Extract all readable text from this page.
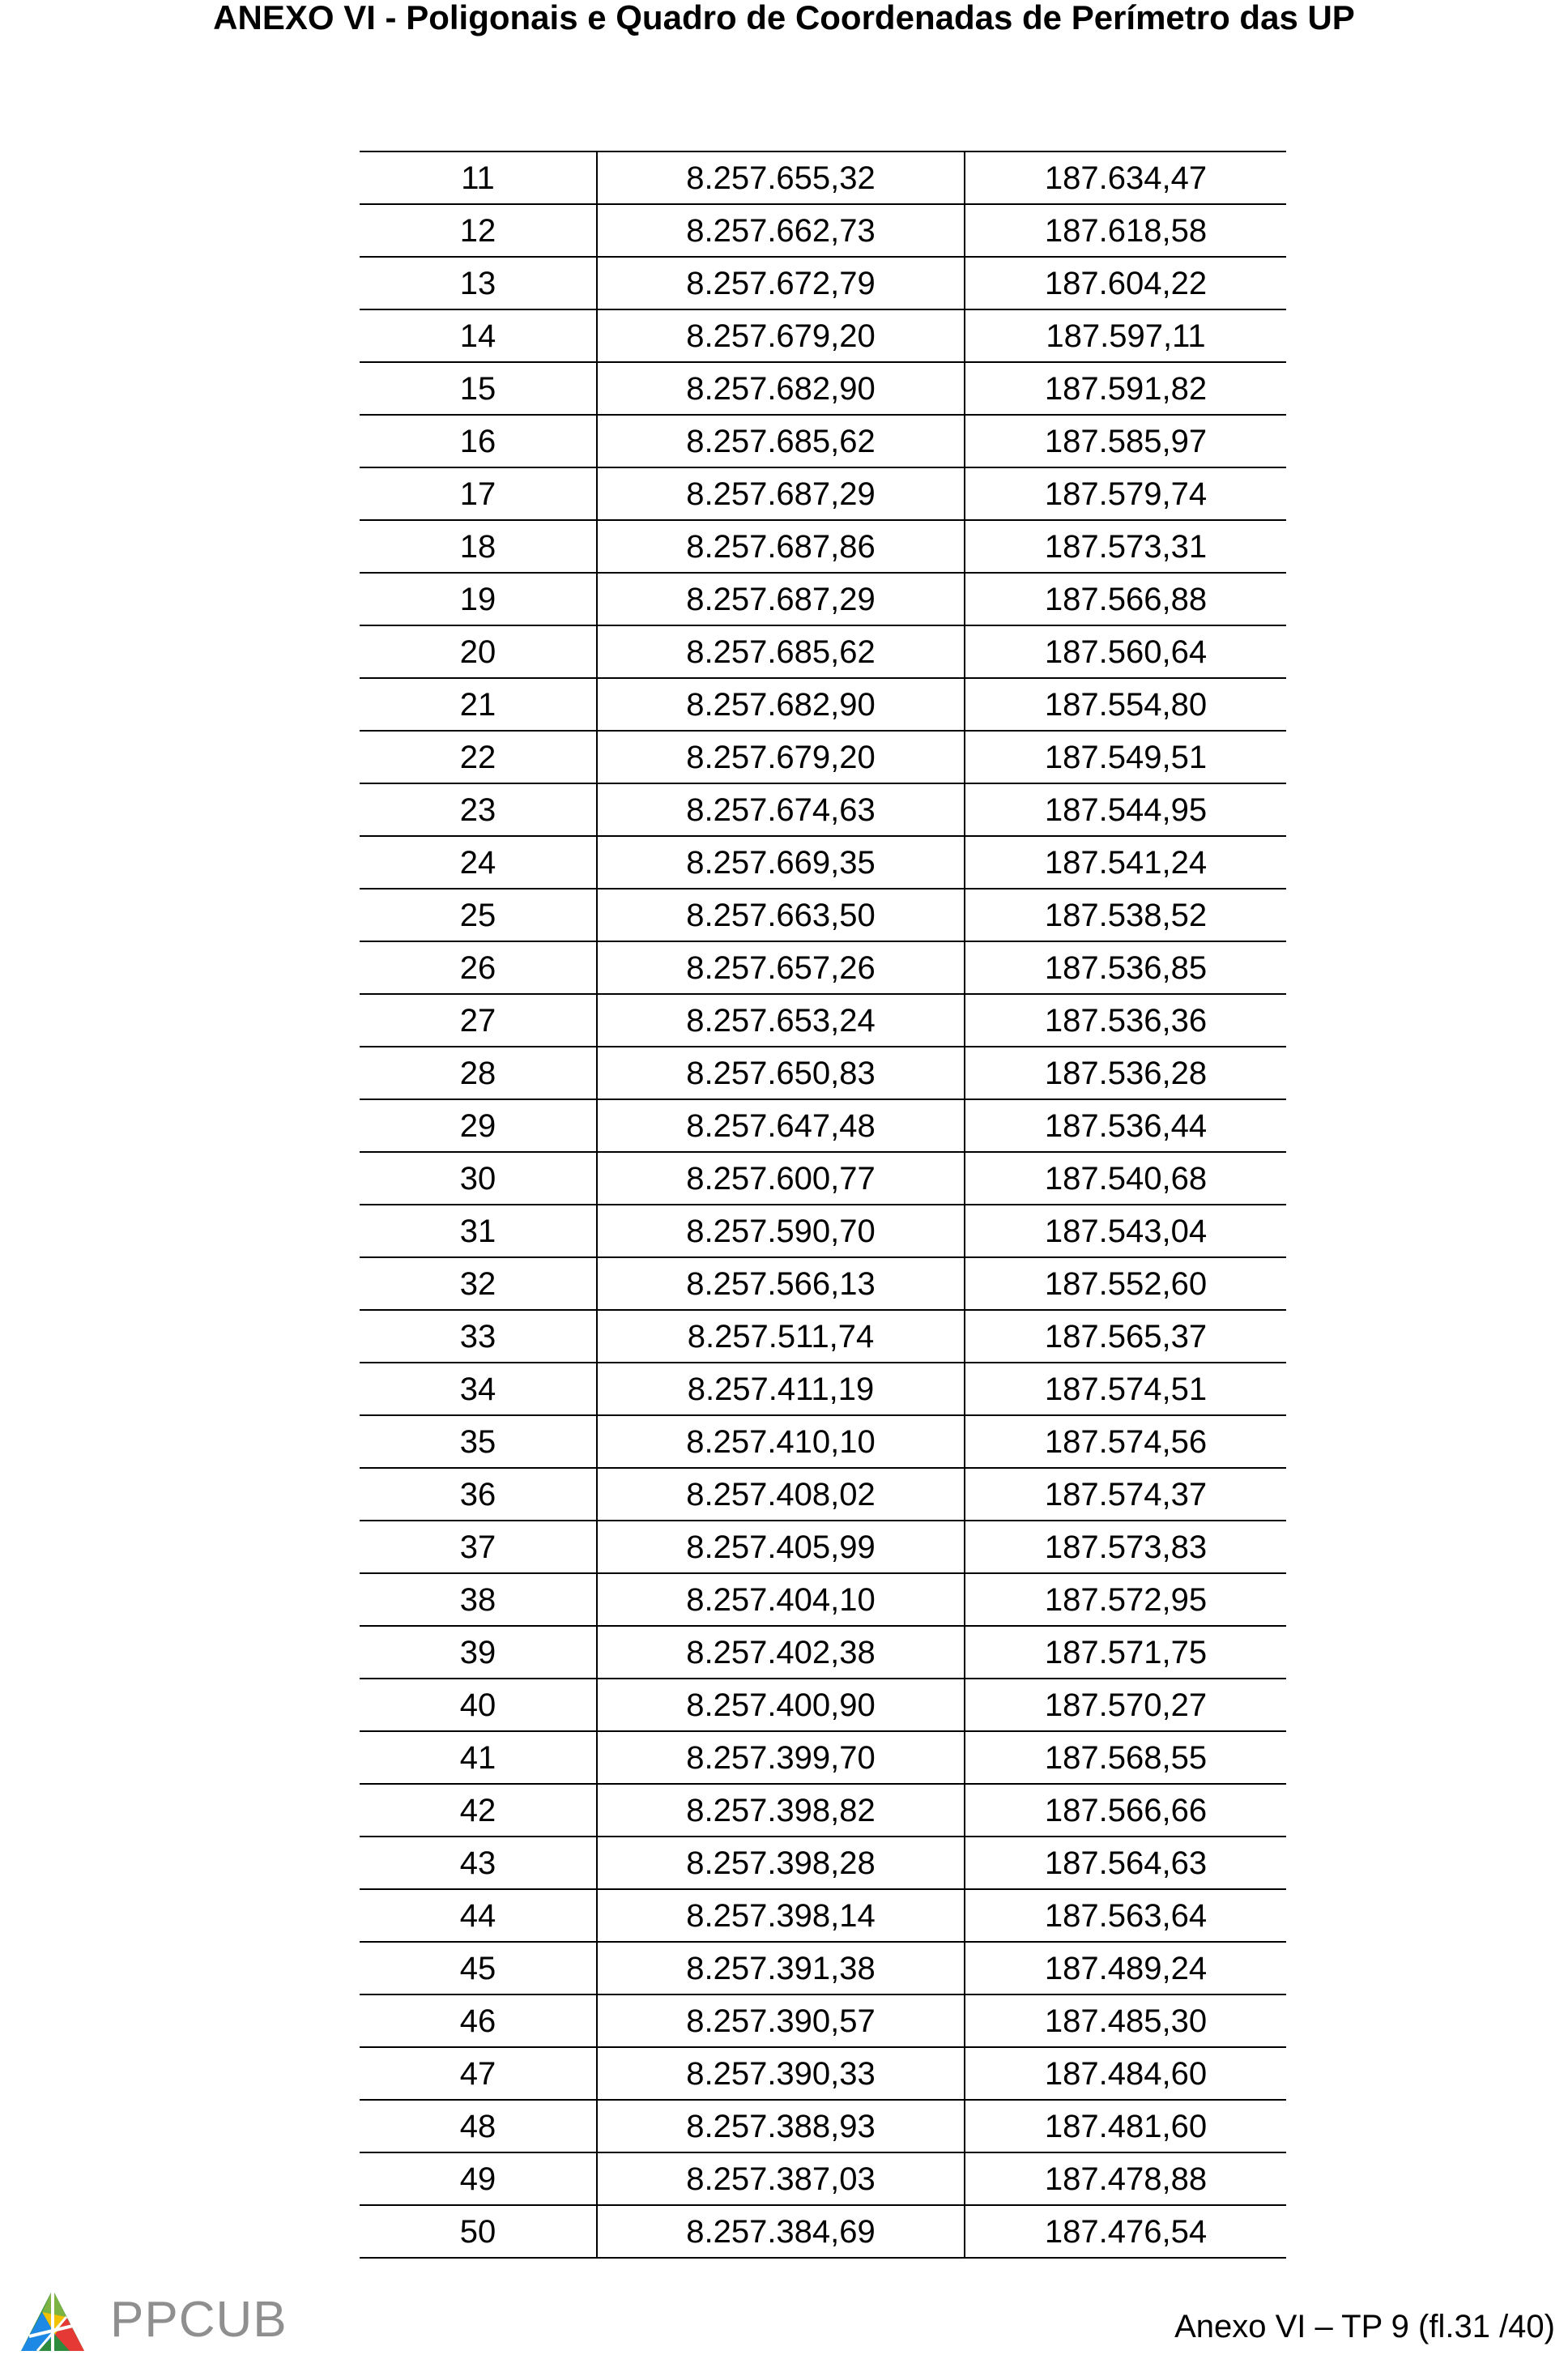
ANEXO VI - Poligonais e Quadro de Coordenadas de Perímetro das UP
11	8.257.655,32	187.634,47
12	8.257.662,73	187.618,58
13	8.257.672,79	187.604,22
14	8.257.679,20	187.597,11
15	8.257.682,90	187.591,82
16	8.257.685,62	187.585,97
17	8.257.687,29	187.579,74
18	8.257.687,86	187.573,31
19	8.257.687,29	187.566,88
20	8.257.685,62	187.560,64
21	8.257.682,90	187.554,80
22	8.257.679,20	187.549,51
23	8.257.674,63	187.544,95
24	8.257.669,35	187.541,24
25	8.257.663,50	187.538,52
26	8.257.657,26	187.536,85
27	8.257.653,24	187.536,36
28	8.257.650,83	187.536,28
29	8.257.647,48	187.536,44
30	8.257.600,77	187.540,68
31	8.257.590,70	187.543,04
32	8.257.566,13	187.552,60
33	8.257.511,74	187.565,37
34	8.257.411,19	187.574,51
35	8.257.410,10	187.574,56
36	8.257.408,02	187.574,37
37	8.257.405,99	187.573,83
38	8.257.404,10	187.572,95
39	8.257.402,38	187.571,75
40	8.257.400,90	187.570,27
41	8.257.399,70	187.568,55
42	8.257.398,82	187.566,66
43	8.257.398,28	187.564,63
44	8.257.398,14	187.563,64
45	8.257.391,38	187.489,24
46	8.257.390,57	187.485,30
47	8.257.390,33	187.484,60
48	8.257.388,93	187.481,60
49	8.257.387,03	187.478,88
50	8.257.384,69	187.476,54
PPCUB	Anexo VI – TP 9 (fl.31 /40)
